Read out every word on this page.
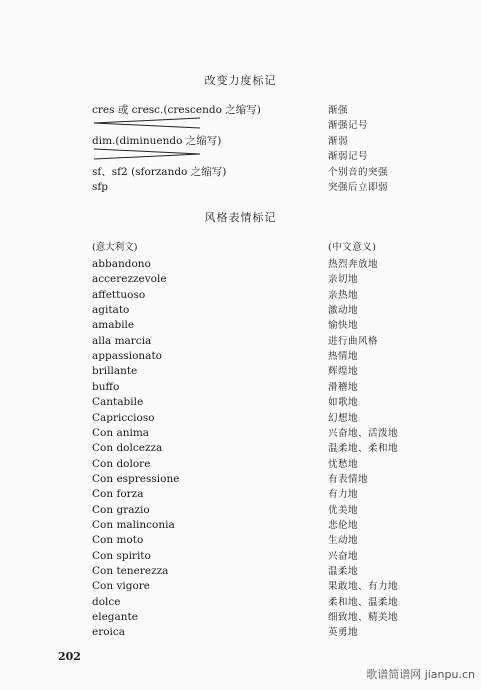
改变力度标记
cres 或 cresc.(crescendo 之缩写)	渐强
渐强记号
dim.(diminuendo 之缩写)	渐弱
渐弱记号
sf、sf2 (sforzando 之缩写)	个别音的突强
sfp	突强后立即弱
风格表情标记
(意大利文)	(中文意义)
abbandono	热烈奔放地
accerezzevole	亲切地
affettuoso	亲热地
agitato	激动地
amabile	愉快地
alla marcia	进行曲风格
appassionato	热情地
brillante	辉煌地
buffo	滑稽地
Cantabile	如歌地
Capriccioso	幻想地
Con anima	兴奋地、活泼地
Con dolcezza	温柔地、柔和地
Con dolore	忧愁地
Con espressione	有表情地
Con forza	有力地
Con grazio	优美地
Con malinconia	悲伦地
Con moto	生动地
Con spirito	兴奋地
Con tenerezza	温柔地
Con vigore	果敢地、有力地
dolce	柔和地、温柔地
elegante	细致地、精美地
eroica	英勇地
202
歌谱简谱网 jianpu.cn
